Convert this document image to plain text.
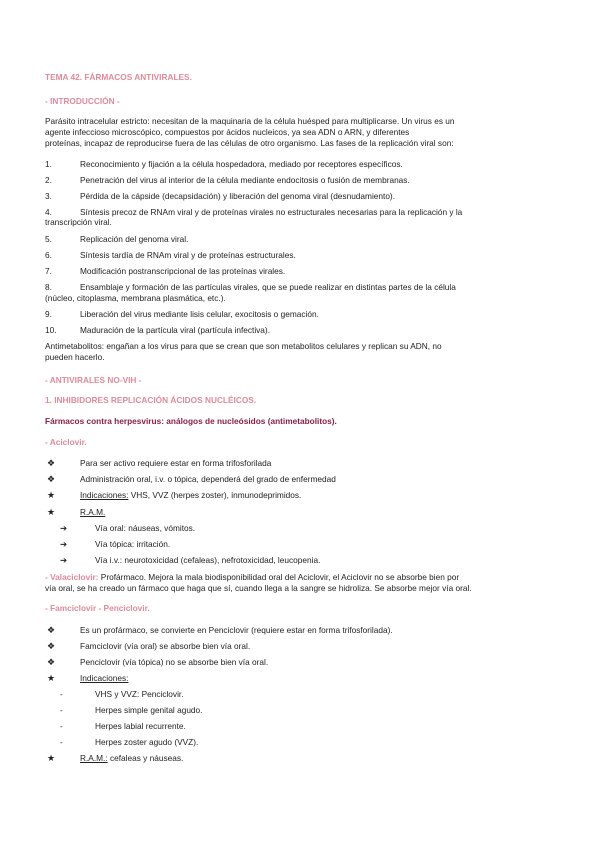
TEMA 42. FÁRMACOS ANTIVIRALES.

- INTRODUCCIÓN -

Parásito intracelular estricto: necesitan de la maquinaria de la célula huésped para multiplicarse. Un virus es un

agente infeccioso microscópico, compuestos por ácidos nucleicos, ya sea ADN o ARN, y diferentes

proteínas, incapaz de reproducirse fuera de las células de otro organismo. Las fases de la replicación viral son:

1.	Reconocimiento y fijación a la célula hospedadora, mediado por receptores específicos.
2.	Penetración del virus al interior de la célula mediante endocitosis o fusión de membranas.
3.	Pérdida de la cápside (decapsidación) y liberación del genoma viral (desnudamiento).
4.	Síntesis precoz de RNAm viral y de proteínas virales no estructurales necesarias para la replicación y la
transcripción viral.
5.	Replicación del genoma viral.
6.	Síntesis tardía de RNAm viral y de proteínas estructurales.
7.	Modificación postranscripcional de las proteínas virales.
8.	Ensamblaje y formación de las partículas virales, que se puede realizar en distintas partes de la célula
(núcleo, citoplasma, membrana plasmática, etc.).
9.	Liberación del virus mediante lisis celular, exocitosis o gemación.
10.	Maduración de la partícula viral (partícula infectiva).

Antimetabolitos: engañan a los virus para que se crean que son metabolitos celulares y replican su ADN, no

pueden hacerlo.

- ANTIVIRALES NO-VIH -

1. INHIBIDORES REPLICACIÓN ÁCIDOS NUCLÉICOS.

Fármacos contra herpesvirus: análogos de nucleósidos (antimetabolitos).

- Aciclovir.

❖	Para ser activo requiere estar en forma trifosforilada
❖	Administración oral, i.v. o tópica, dependerá del grado de enfermedad
★	Indicaciones: VHS, VVZ (herpes zoster), inmunodeprimidos.
★	R.A.M.
➔	Vía oral: náuseas, vómitos.
➔	Vía tópica: irritación.
➔	Vía i.v.: neurotoxicidad (cefaleas), nefrotoxicidad, leucopenia.

- Valaciclovir: Profármaco. Mejora la mala biodisponibilidad oral del Aciclovir, el Aciclovir no se absorbe bien por

vía oral, se ha creado un fármaco que haga que sí, cuando llega a la sangre se hidroliza. Se absorbe mejor vía oral.

- Famciclovir - Penciclovir.

❖	Es un profármaco, se convierte en Penciclovir (requiere estar en forma trifosforilada).
❖	Famciclovir (vía oral) se absorbe bien vía oral.
❖	Penciclovir (vía tópica) no se absorbe bien vía oral.
★	Indicaciones:
-	VHS y VVZ: Penciclovir.
-	Herpes simple genital agudo.
-	Herpes labial recurrente.
-	Herpes zoster agudo (VVZ).
★	R.A.M.: cefaleas y náuseas.
